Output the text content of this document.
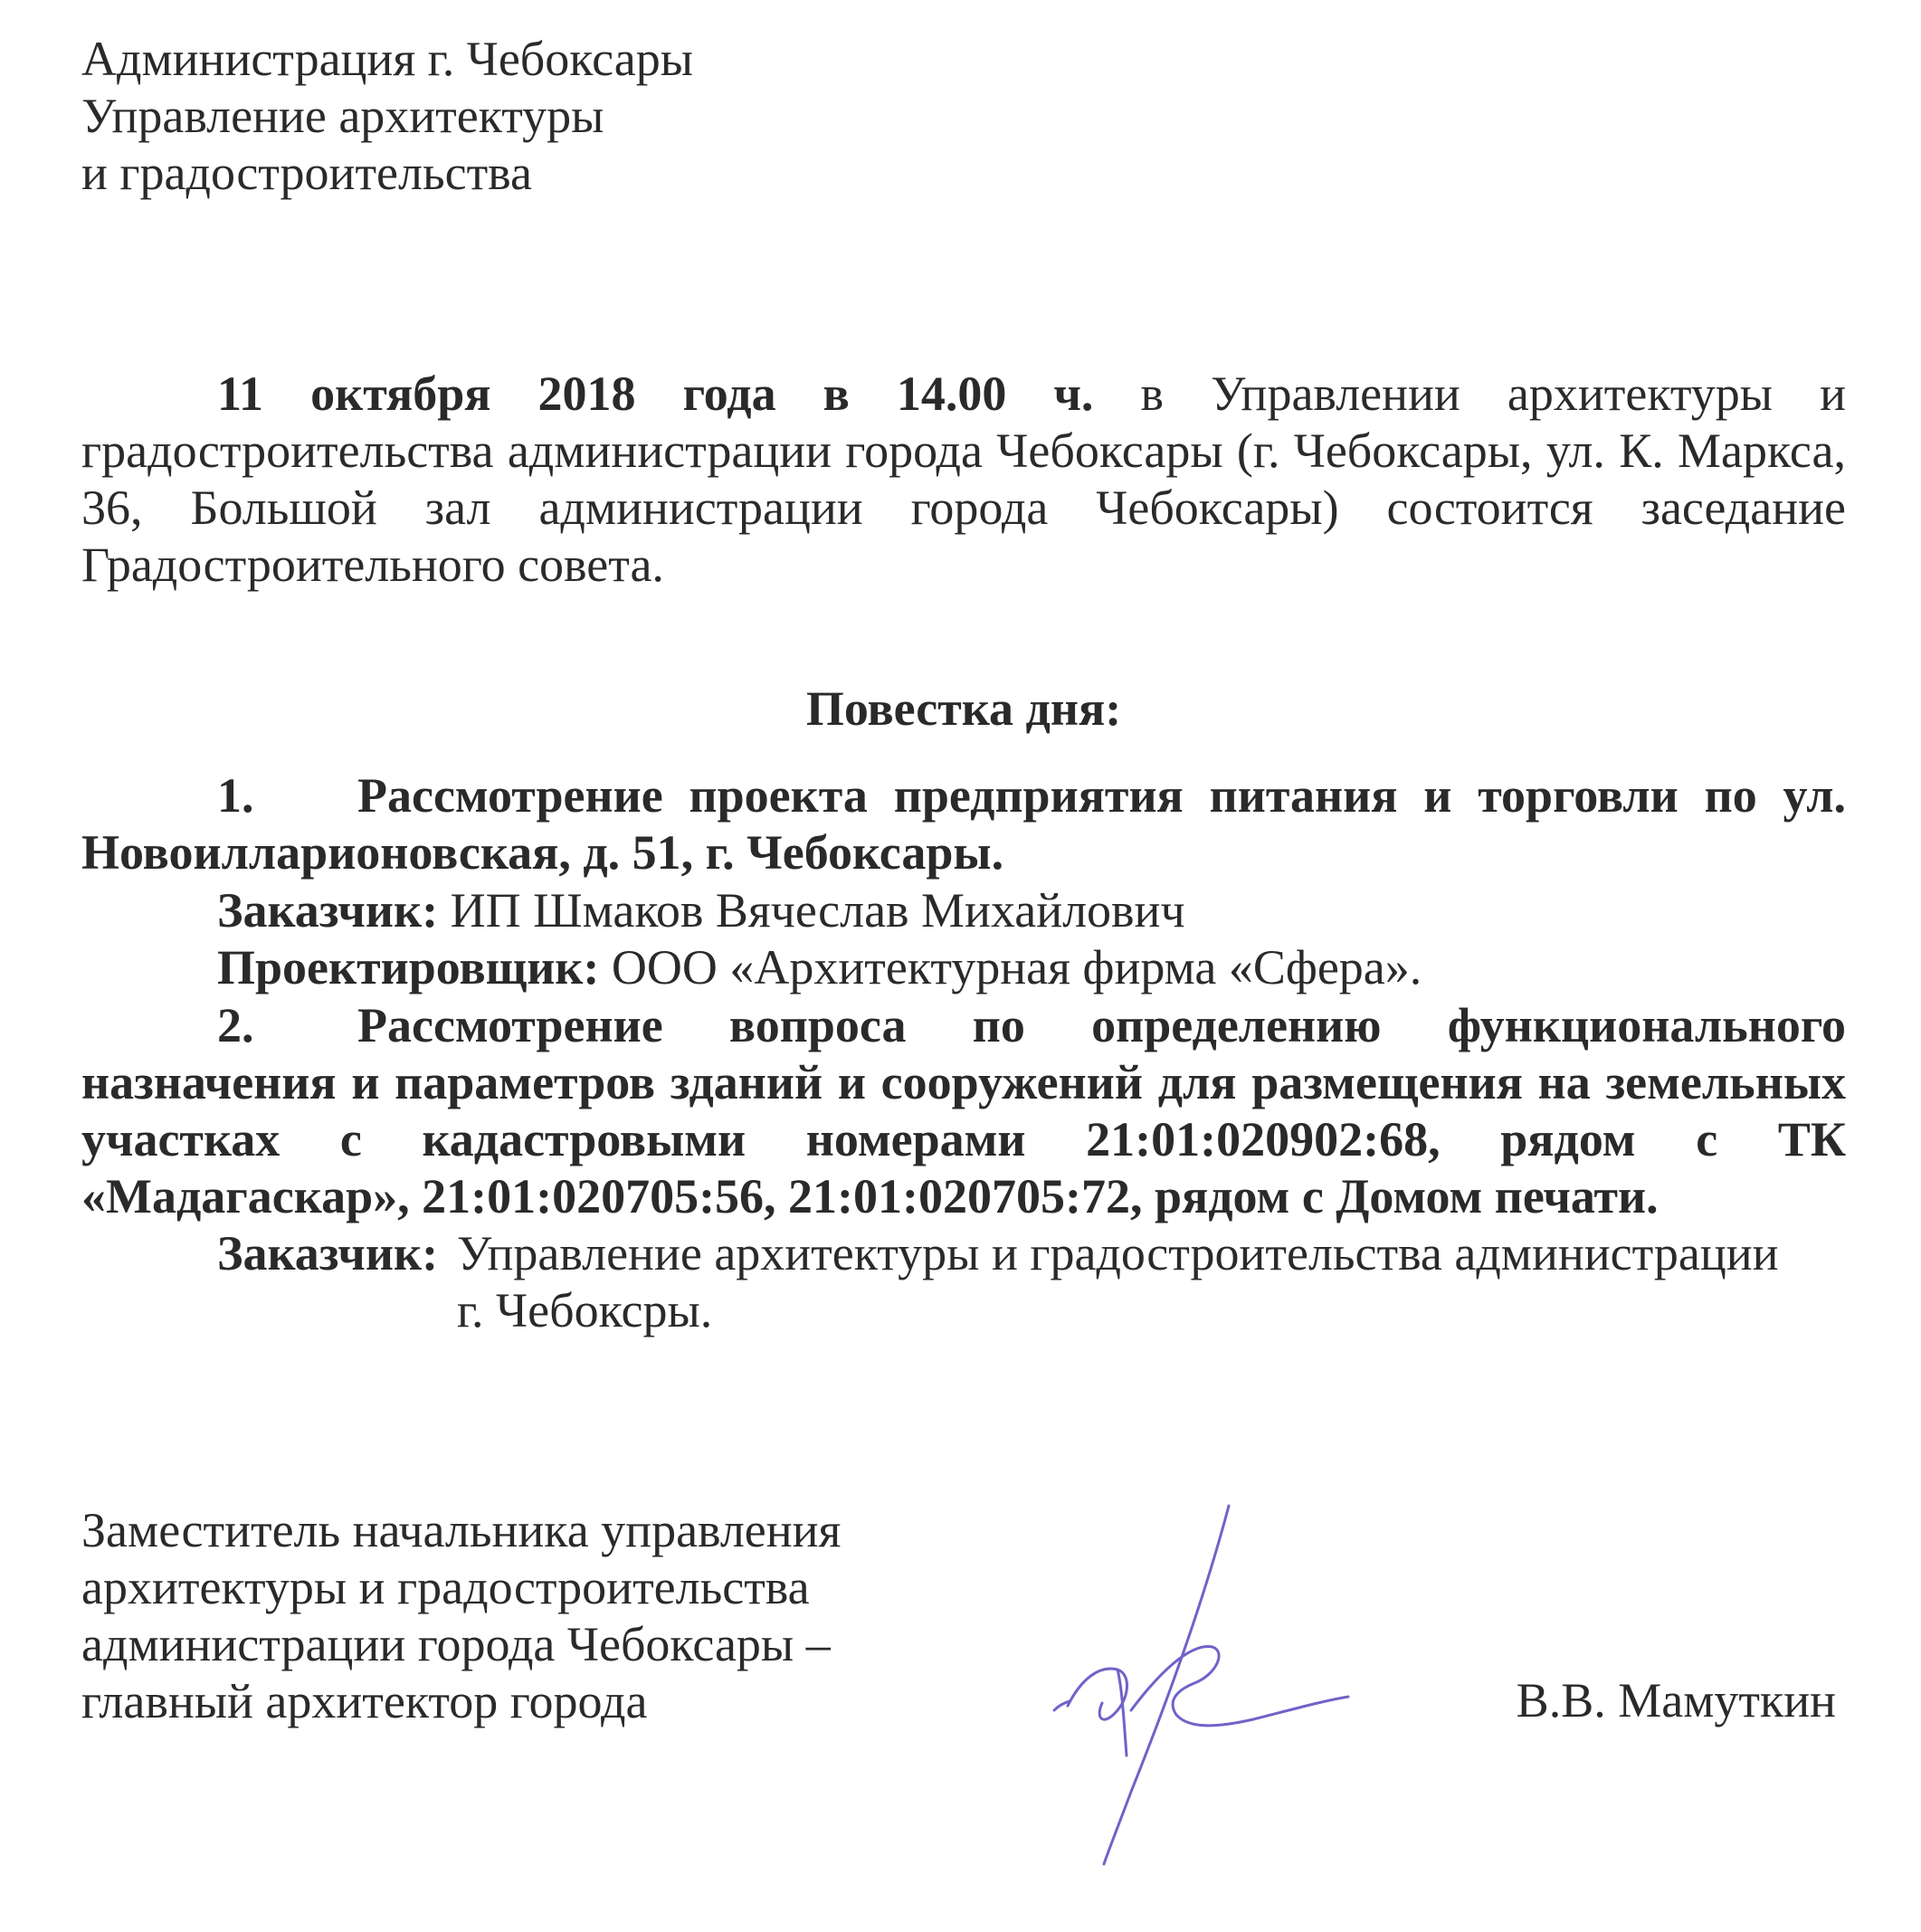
Администрация г. Чебоксары
Управление архитектуры
и градостроительства
11 октября 2018 года в 14.00 ч. в Управлении архитектуры и градостроительства администрации города Чебоксары (г. Чебоксары, ул. К. Маркса, 36, Большой зал администрации города Чебоксары) состоится заседание Градостроительного совета.
Повестка дня:
1. Рассмотрение проекта предприятия питания и торговли по ул. Новоилларионовская, д. 51, г. Чебоксары.
Заказчик: ИП Шмаков Вячеслав Михайлович
Проектировщик: ООО «Архитектурная фирма «Сфера».
2. Рассмотрение вопроса по определению функционального назначения и параметров зданий и сооружений для размещения на земельных участках с кадастровыми номерами 21:01:020902:68, рядом с ТК «Мадагаскар», 21:01:020705:56, 21:01:020705:72, рядом с Домом печати.
Заказчик: Управление архитектуры и градостроительства администрации
г. Чебоксры.
Заместитель начальника управления
архитектуры и градостроительства
администрации города Чебоксары –
главный архитектор города	В.В. Мамуткин
